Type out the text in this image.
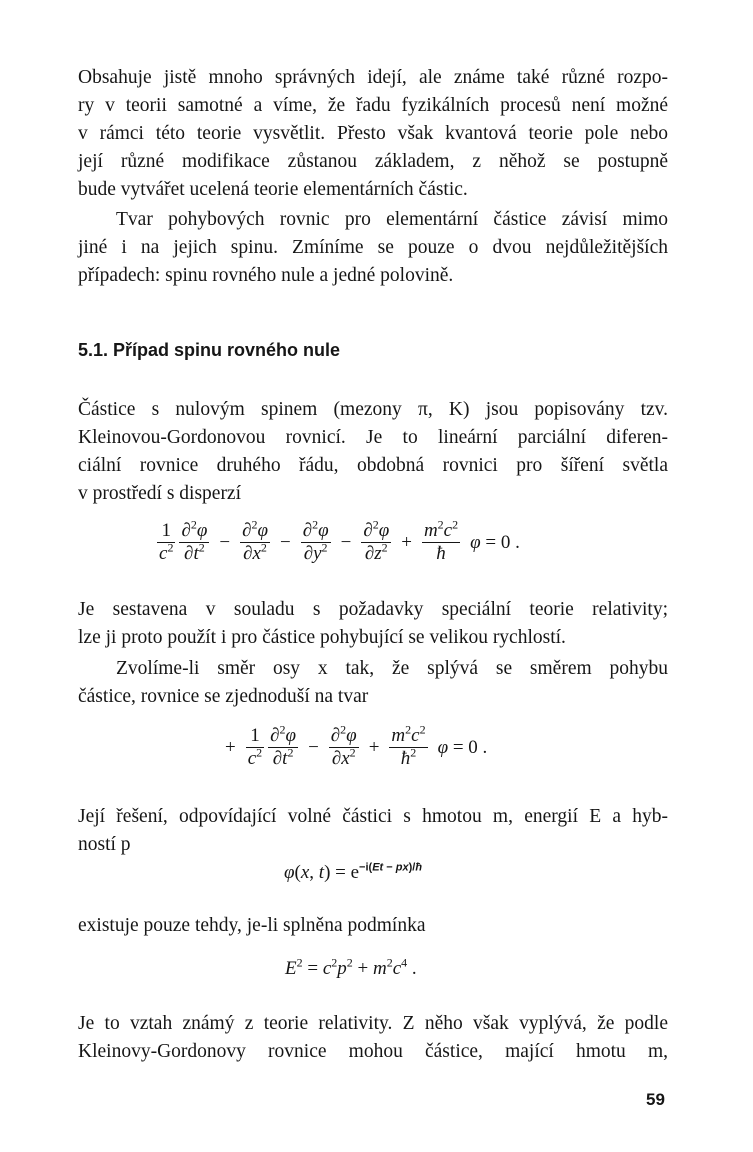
Obsahuje jistě mnoho správných idejí, ale známe také různé rozpo-
ry v teorii samotné a víme, že řadu fyzikálních procesů není možné
v rámci této teorie vysvětlit. Přesto však kvantová teorie pole nebo
její různé modifikace zůstanou základem, z něhož se postupně
bude vytvářet ucelená teorie elementárních částic.
Tvar pohybových rovnic pro elementární částice závisí mimo
jiné i na jejich spinu. Zmíníme se pouze o dvou nejdůležitějších
případech: spinu rovného nule a jedné polovině.
5.1. Případ spinu rovného nule
Částice s nulovým spinem (mezony π, K) jsou popisovány tzv.
Kleinovou-Gordonovou rovnicí. Je to lineární parciální diferen-
ciální rovnice druhého řádu, obdobná rovnici pro šíření světla
v prostředí s disperzí
$\frac{1}{c^2} \frac{\partial^2\varphi}{\partial t^2} - \frac{\partial^2\varphi}{\partial x^2} - \frac{\partial^2\varphi}{\partial y^2} - \frac{\partial^2\varphi}{\partial z^2} + \frac{m^2c^2}{ħ}$ φ = 0 .
Je sestavena v souladu s požadavky speciální teorie relativity;
lze ji proto použít i pro částice pohybující se velikou rychlostí.
Zvolíme-li směr osy x tak, že splývá se směrem pohybu
částice, rovnice se zjednoduší na tvar
+ $\frac{1}{c^2} \frac{\partial^2\varphi}{\partial t^2} - \frac{\partial^2\varphi}{\partial x^2} + \frac{m^2c^2}{ħ^2}$ φ = 0 .
Její řešení, odpovídající volné částici s hmotou m, energií E a hyb-
ností p
φ(x, $t) = e^{-i(Et - px)/ħ}$
existuje pouze tehdy, je-li splněna podmínka
$E^2 = c^2p^2 + m^2c^4$ .
Je to vztah známý z teorie relativity. Z něho však vyplývá, že podle
Kleinovy-Gordonovy rovnice mohou částice, mající hmotu m,
59
